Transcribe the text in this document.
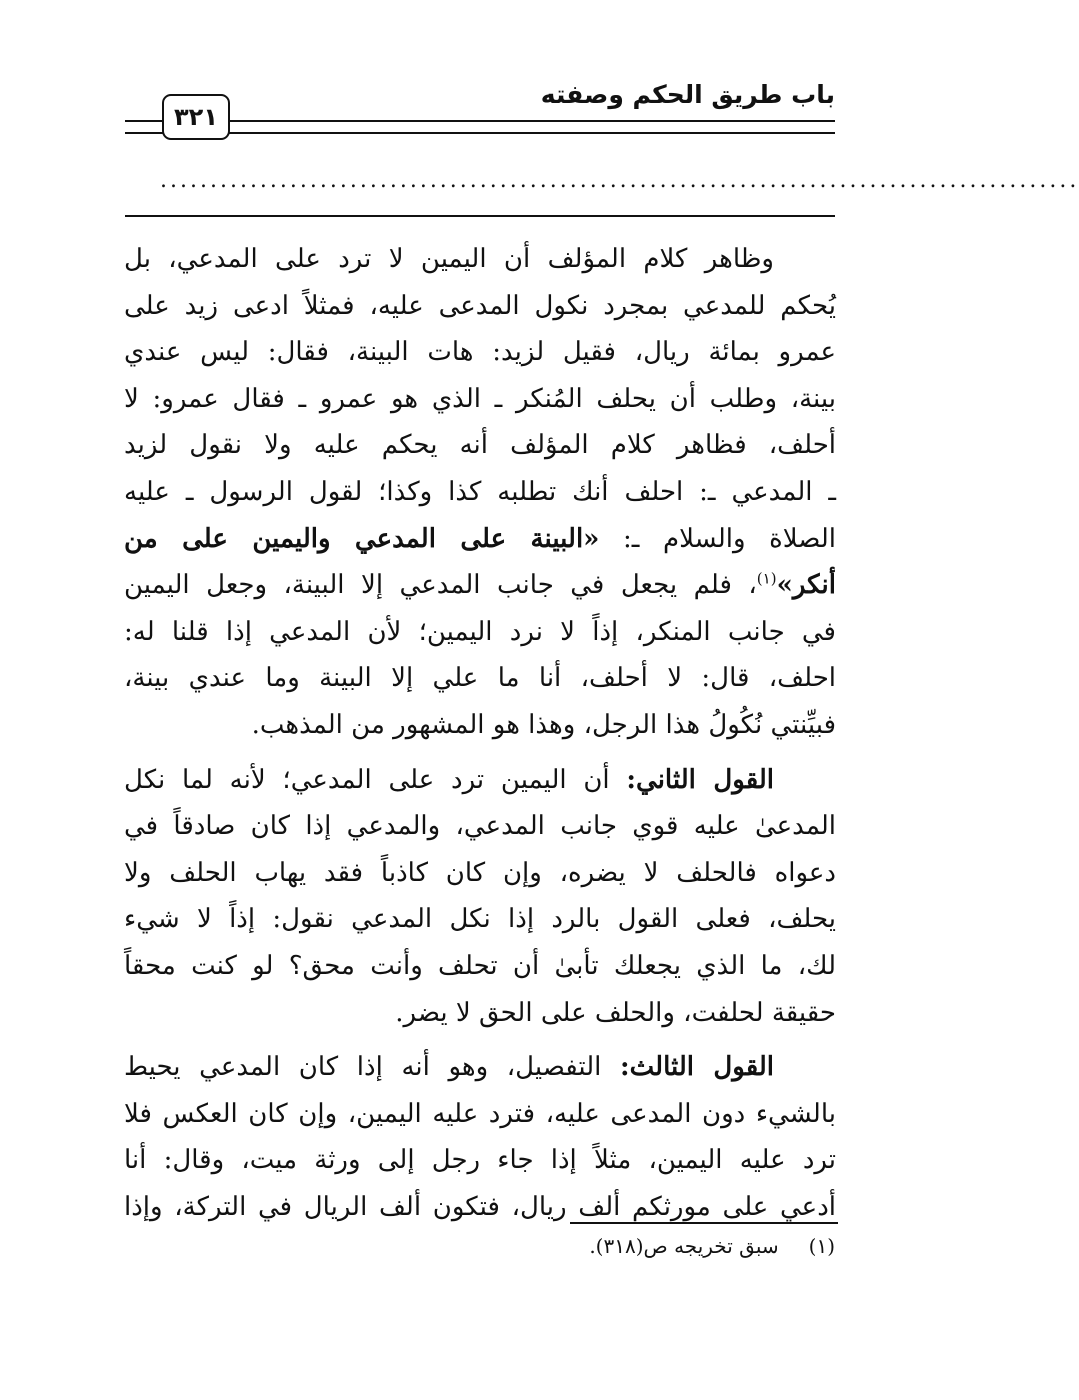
باب طريق الحكم وصفته
٣٢١
............................................................................................
وظاهر كلام المؤلف أن اليمين لا ترد على المدعي، بل
يُحكم للمدعي بمجرد نكول المدعى عليه، فمثلاً ادعى زيد على
عمرو بمائة ريال، فقيل لزيد: هات البينة، فقال: ليس عندي
بينة، وطلب أن يحلف المُنكر ـ الذي هو عمرو ـ فقال عمرو: لا
أحلف، فظاهر كلام المؤلف أنه يحكم عليه ولا نقول لزيد
ـ المدعي ـ: احلف أنك تطلبه كذا وكذا؛ لقول الرسول ـ عليه
الصلاة والسلام ـ: «البينة على المدعي واليمين على من
أنكر»$^{(١)}$، فلم يجعل في جانب المدعي إلا البينة، وجعل اليمين
في جانب المنكر، إذاً لا نرد اليمين؛ لأن المدعي إذا قلنا له:
احلف، قال: لا أحلف، أنا ما علي إلا البينة وما عندي بينة،
فبيِّنتي نُكُولُ هذا الرجل، وهذا هو المشهور من المذهب.
القول الثاني: أن اليمين ترد على المدعي؛ لأنه لما نكل
المدعىٰ عليه قوي جانب المدعي، والمدعي إذا كان صادقاً في
دعواه فالحلف لا يضره، وإن كان كاذباً فقد يهاب الحلف ولا
يحلف، فعلى القول بالرد إذا نكل المدعي نقول: إذاً لا شيء
لك، ما الذي يجعلك تأبىٰ أن تحلف وأنت محق؟ لو كنت محقاً
حقيقة لحلفت، والحلف على الحق لا يضر.
القول الثالث: التفصيل، وهو أنه إذا كان المدعي يحيط
بالشيء دون المدعى عليه، فترد عليه اليمين، وإن كان العكس فلا
ترد عليه اليمين، مثلاً إذا جاء رجل إلى ورثة ميت، وقال: أنا
أدعي على مورثكم ألف ريال، فتكون ألف الريال في التركة، وإذا
(١)سبق تخريجه ص(٣١٨).
